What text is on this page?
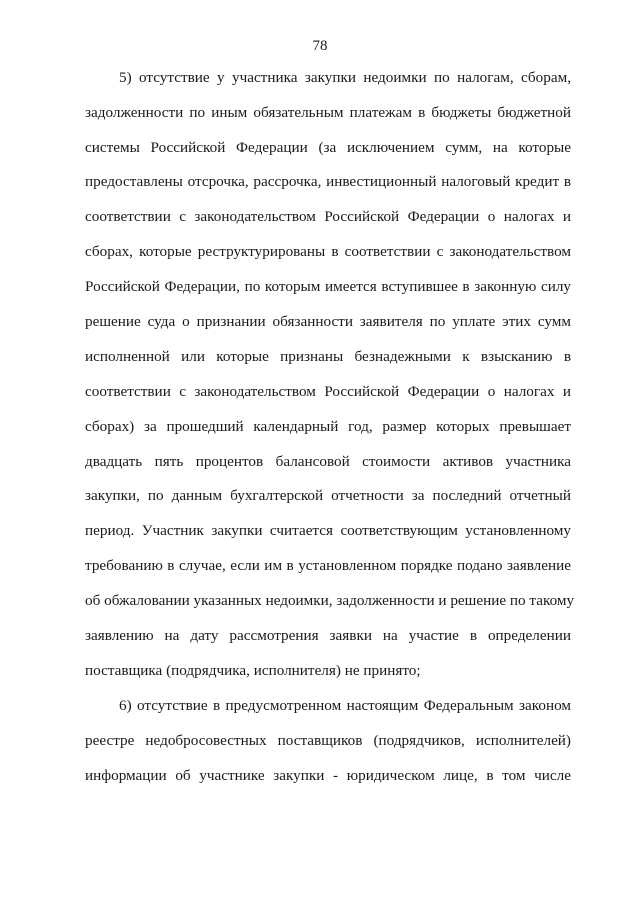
78
5) отсутствие у участника закупки недоимки по налогам, сборам,
задолженности по иным обязательным платежам в бюджеты бюджетной
системы Российской Федерации (за исключением сумм, на которые
предоставлены отсрочка, рассрочка, инвестиционный налоговый кредит в
соответствии с законодательством Российской Федерации о налогах и
сборах, которые реструктурированы в соответствии с законодательством
Российской Федерации, по которым имеется вступившее в законную силу
решение суда о признании обязанности заявителя по уплате этих сумм
исполненной или которые признаны безнадежными к взысканию в
соответствии с законодательством Российской Федерации о налогах и
сборах) за прошедший календарный год, размер которых превышает
двадцать пять процентов балансовой стоимости активов участника
закупки, по данным бухгалтерской отчетности за последний отчетный
период. Участник закупки считается соответствующим установленному
требованию в случае, если им в установленном порядке подано заявление
об обжаловании указанных недоимки, задолженности и решение по такому
заявлению на дату рассмотрения заявки на участие в определении
поставщика (подрядчика, исполнителя) не принято;
6) отсутствие в предусмотренном настоящим Федеральным законом
реестре недобросовестных поставщиков (подрядчиков, исполнителей)
информации об участнике закупки - юридическом лице, в том числе
